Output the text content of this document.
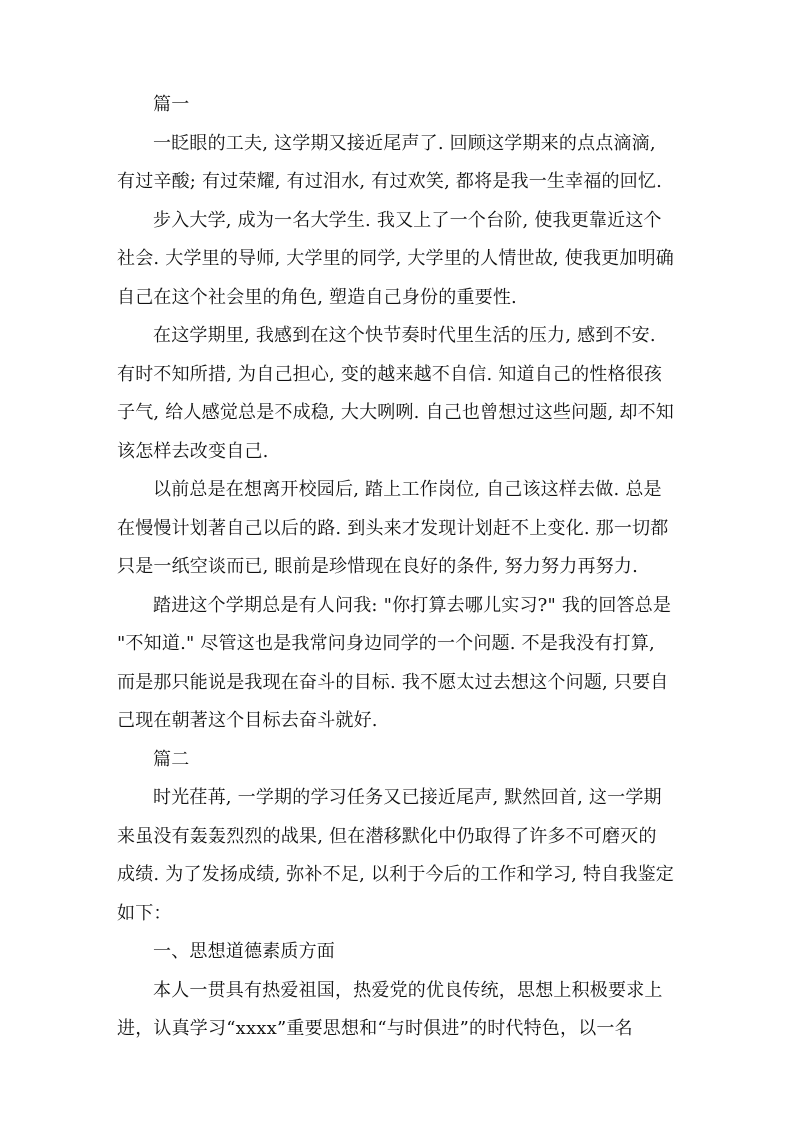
篇一
一眨眼的工夫, 这学期又接近尾声了. 回顾这学期来的点点滴滴,
有过辛酸; 有过荣耀, 有过泪水, 有过欢笑, 都将是我一生幸福的回忆.
步入大学, 成为一名大学生. 我又上了一个台阶, 使我更靠近这个
社会. 大学里的导师, 大学里的同学, 大学里的人情世故, 使我更加明确
自己在这个社会里的角色, 塑造自己身份的重要性.
在这学期里, 我感到在这个快节奏时代里生活的压力, 感到不安.
有时不知所措, 为自己担心, 变的越来越不自信. 知道自己的性格很孩
子气, 给人感觉总是不成稳, 大大咧咧. 自己也曾想过这些问题, 却不知
该怎样去改变自己.
以前总是在想离开校园后, 踏上工作岗位, 自己该这样去做. 总是
在慢慢计划著自己以后的路. 到头来才发现计划赶不上变化. 那一切都
只是一纸空谈而已, 眼前是珍惜现在良好的条件, 努力努力再努力.
踏进这个学期总是有人问我: "你打算去哪儿实习?" 我的回答总是
"不知道." 尽管这也是我常问身边同学的一个问题. 不是我没有打算,
而是那只能说是我现在奋斗的目标. 我不愿太过去想这个问题, 只要自
己现在朝著这个目标去奋斗就好.
篇二
时光荏苒, 一学期的学习任务又已接近尾声, 默然回首, 这一学期
来虽没有轰轰烈烈的战果, 但在潜移默化中仍取得了许多不可磨灭的
成绩. 为了发扬成绩, 弥补不足, 以利于今后的工作和学习, 特自我鉴定
如下：
一、思想道德素质方面
本人一贯具有热爱祖国，热爱党的优良传统，思想上积极要求上
进，认真学习“xxxx”重要思想和“与时俱进”的时代特色，以一名
